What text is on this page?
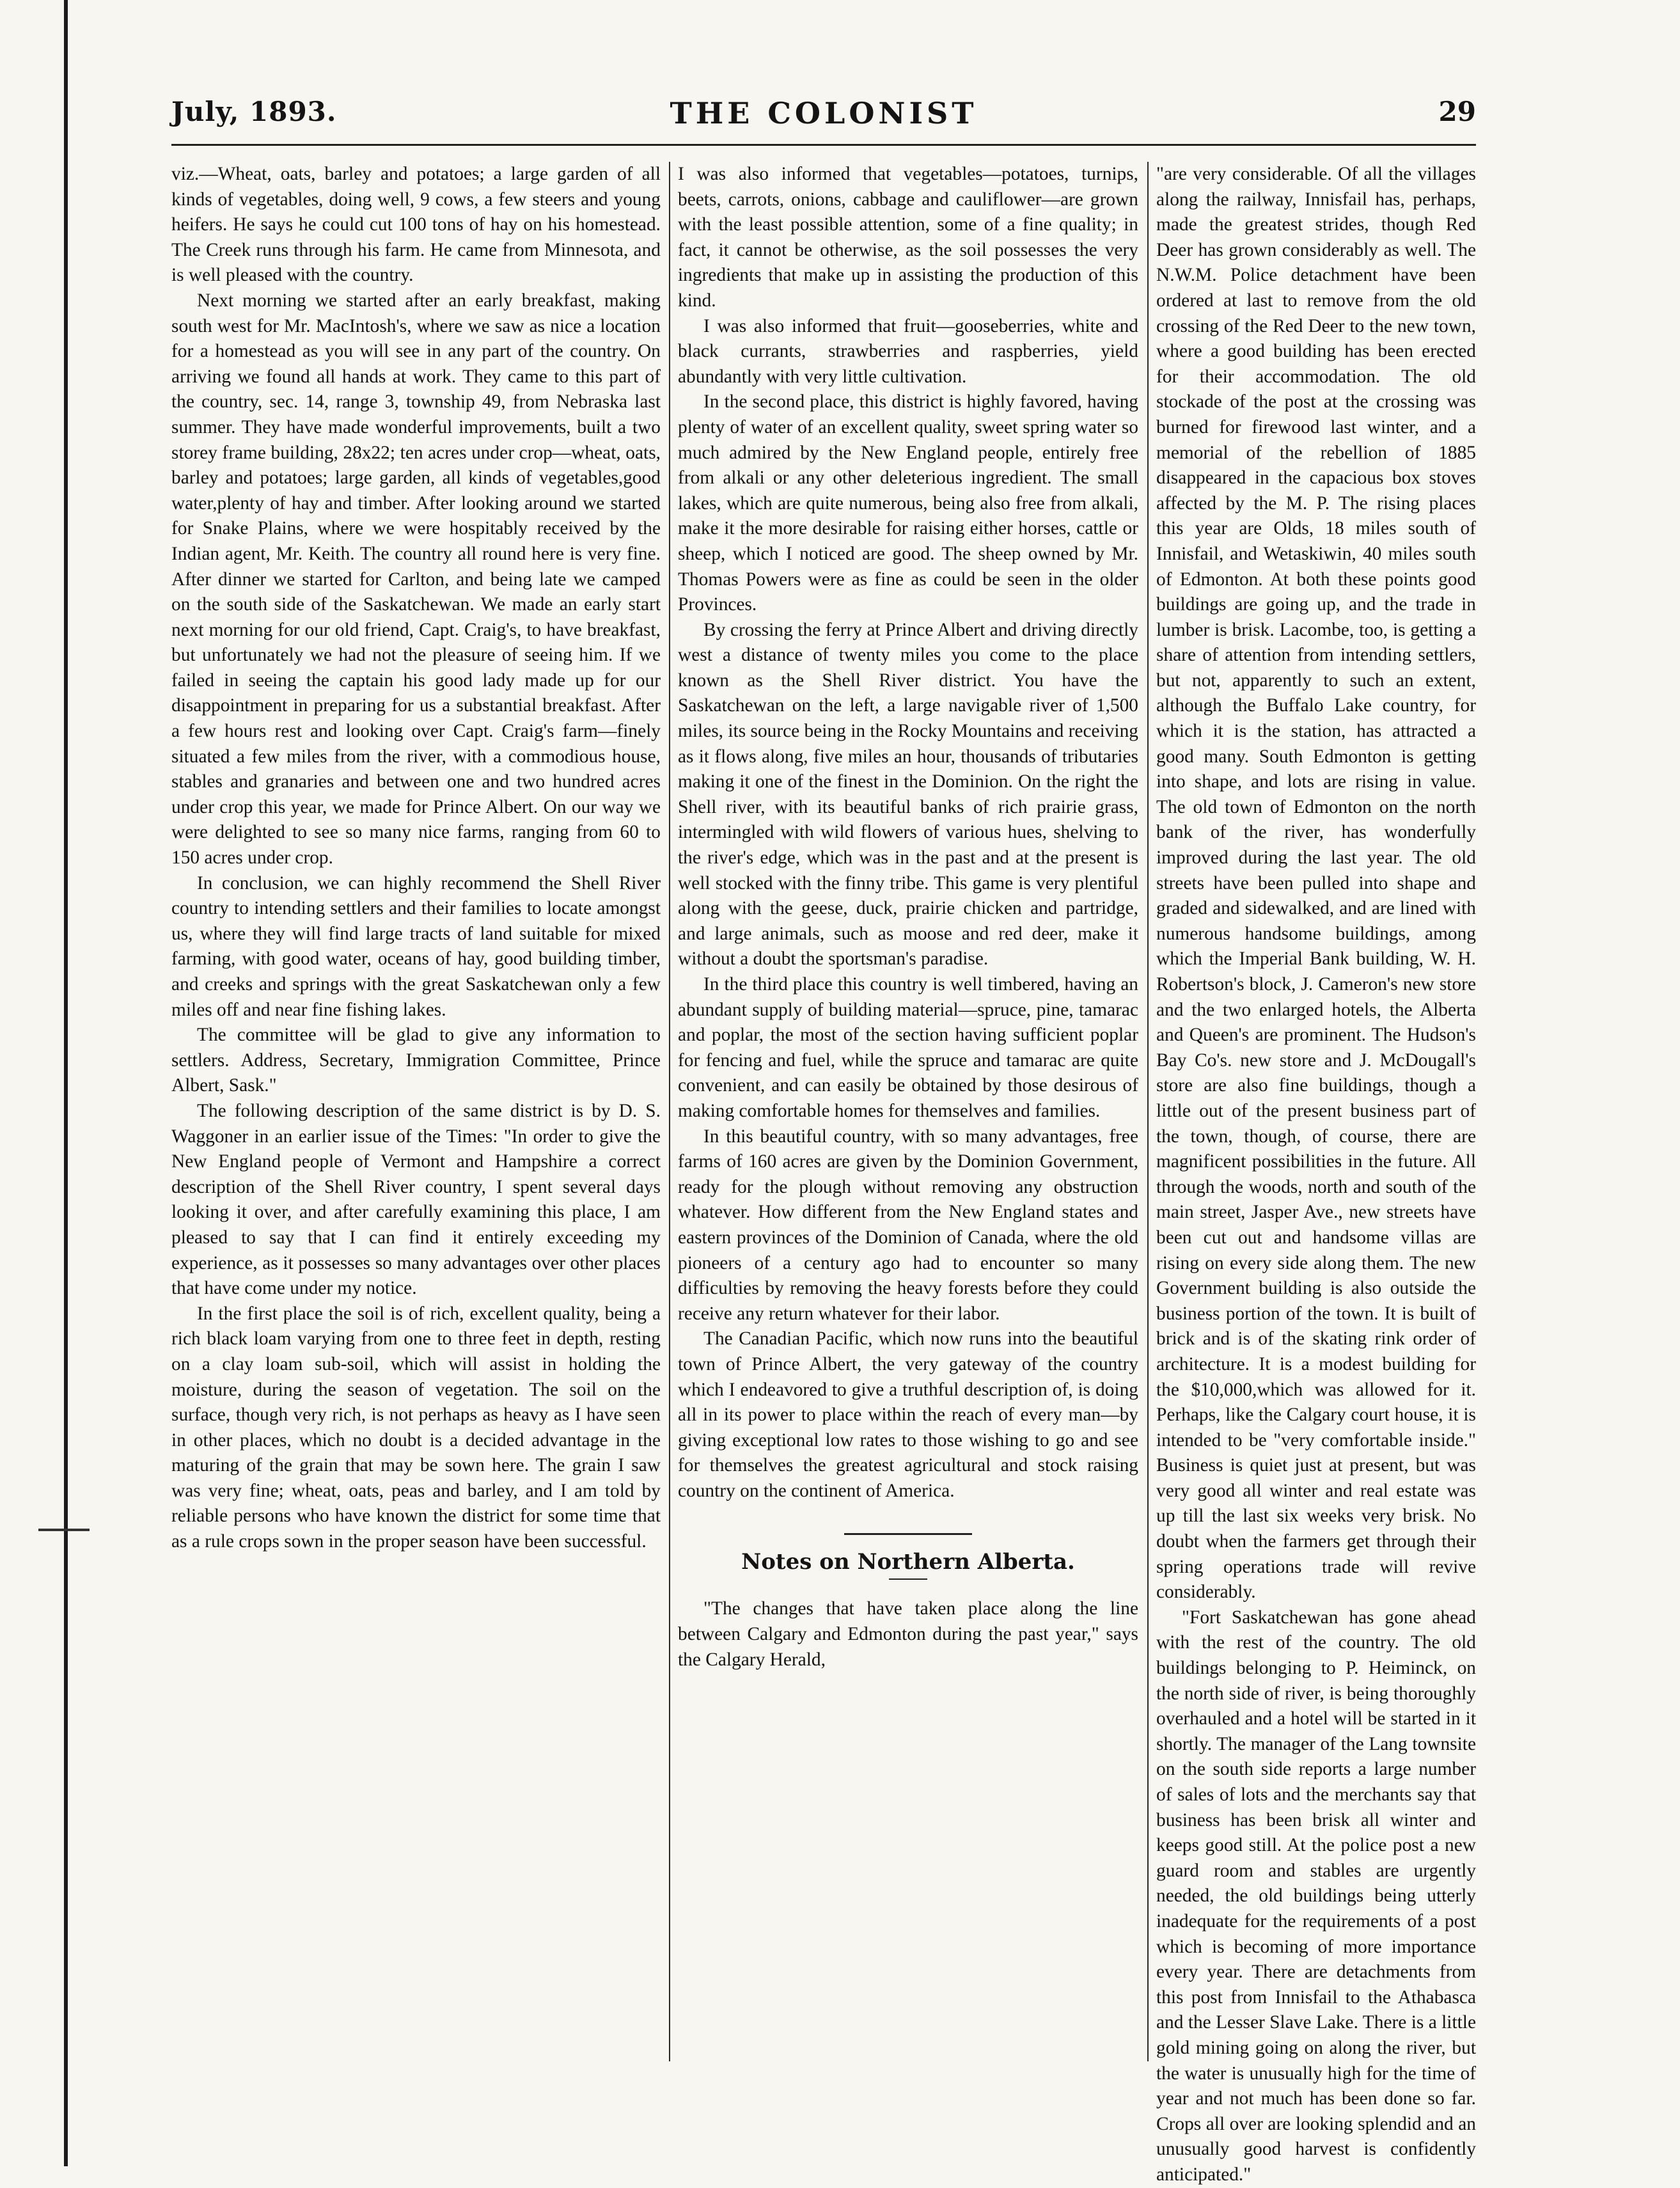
July, 1893.	THE COLONIST	29

viz.—Wheat, oats, barley and potatoes; a large garden of all kinds of vegetables, doing well, 9 cows, a few steers and young heifers. He says he could cut 100 tons of hay on his homestead. The Creek runs through his farm. He came from Minnesota, and is well pleased with the country.

Next morning we started after an early breakfast, making south west for Mr. MacIntosh's, where we saw as nice a location for a homestead as you will see in any part of the country. On arriving we found all hands at work. They came to this part of the country, sec. 14, range 3, township 49, from Nebraska last summer. They have made wonderful improvements, built a two storey frame building, 28x22; ten acres under crop—wheat, oats, barley and potatoes; large garden, all kinds of vegetables,good water,plenty of hay and timber. After looking around we started for Snake Plains, where we were hospitably received by the Indian agent, Mr. Keith. The country all round here is very fine. After dinner we started for Carlton, and being late we camped on the south side of the Saskatchewan. We made an early start next morning for our old friend, Capt. Craig's, to have breakfast, but unfortunately we had not the pleasure of seeing him. If we failed in seeing the captain his good lady made up for our disappointment in preparing for us a substantial breakfast. After a few hours rest and looking over Capt. Craig's farm—finely situated a few miles from the river, with a commodious house, stables and granaries and between one and two hundred acres under crop this year, we made for Prince Albert. On our way we were delighted to see so many nice farms, ranging from 60 to 150 acres under crop.

In conclusion, we can highly recommend the Shell River country to intending settlers and their families to locate amongst us, where they will find large tracts of land suitable for mixed farming, with good water, oceans of hay, good building timber, and creeks and springs with the great Saskatchewan only a few miles off and near fine fishing lakes.

The committee will be glad to give any information to settlers. Address, Secretary, Immigration Committee, Prince Albert, Sask."

The following description of the same district is by D. S. Waggoner in an earlier issue of the Times: "In order to give the New England people of Vermont and Hampshire a correct description of the Shell River country, I spent several days looking it over, and after carefully examining this place, I am pleased to say that I can find it entirely exceeding my experience, as it possesses so many advantages over other places that have come under my notice.

In the first place the soil is of rich, excellent quality, being a rich black loam varying from one to three feet in depth, resting on a clay loam sub-soil, which will assist in holding the moisture, during the season of vegetation. The soil on the surface, though very rich, is not perhaps as heavy as I have seen in other places, which no doubt is a decided advantage in the maturing of the grain that may be sown here. The grain I saw was very fine; wheat, oats, peas and barley, and I am told by reliable persons who have known the district for some time that as a rule crops sown in the proper season have been successful.

I was also informed that vegetables—potatoes, turnips, beets, carrots, onions, cabbage and cauliflower—are grown with the least possible attention, some of a fine quality; in fact, it cannot be otherwise, as the soil possesses the very ingredients that make up in assisting the production of this kind.

I was also informed that fruit—gooseberries, white and black currants, strawberries and raspberries, yield abundantly with very little cultivation.

In the second place, this district is highly favored, having plenty of water of an excellent quality, sweet spring water so much admired by the New England people, entirely free from alkali or any other deleterious ingredient. The small lakes, which are quite numerous, being also free from alkali, make it the more desirable for raising either horses, cattle or sheep, which I noticed are good. The sheep owned by Mr. Thomas Powers were as fine as could be seen in the older Provinces.

By crossing the ferry at Prince Albert and driving directly west a distance of twenty miles you come to the place known as the Shell River district. You have the Saskatchewan on the left, a large navigable river of 1,500 miles, its source being in the Rocky Mountains and receiving as it flows along, five miles an hour, thousands of tributaries making it one of the finest in the Dominion. On the right the Shell river, with its beautiful banks of rich prairie grass, intermingled with wild flowers of various hues, shelving to the river's edge, which was in the past and at the present is well stocked with the finny tribe. This game is very plentiful along with the geese, duck, prairie chicken and partridge, and large animals, such as moose and red deer, make it without a doubt the sportsman's paradise.

In the third place this country is well timbered, having an abundant supply of building material—spruce, pine, tamarac and poplar, the most of the section having sufficient poplar for fencing and fuel, while the spruce and tamarac are quite convenient, and can easily be obtained by those desirous of making comfortable homes for themselves and families.

In this beautiful country, with so many advantages, free farms of 160 acres are given by the Dominion Government, ready for the plough without removing any obstruction whatever. How different from the New England states and eastern provinces of the Dominion of Canada, where the old pioneers of a century ago had to encounter so many difficulties by removing the heavy forests before they could receive any return whatever for their labor.

The Canadian Pacific, which now runs into the beautiful town of Prince Albert, the very gateway of the country which I endeavored to give a truthful description of, is doing all in its power to place within the reach of every man—by giving exceptional low rates to those wishing to go and see for themselves the greatest agricultural and stock raising country on the continent of America.

Notes on Northern Alberta.

"The changes that have taken place along the line between Calgary and Edmonton during the past year," says the Calgary Herald,

"are very considerable. Of all the villages along the railway, Innisfail has, perhaps, made the greatest strides, though Red Deer has grown considerably as well. The N.W.M. Police detachment have been ordered at last to remove from the old crossing of the Red Deer to the new town, where a good building has been erected for their accommodation. The old stockade of the post at the crossing was burned for firewood last winter, and a memorial of the rebellion of 1885 disappeared in the capacious box stoves affected by the M. P. The rising places this year are Olds, 18 miles south of Innisfail, and Wetaskiwin, 40 miles south of Edmonton. At both these points good buildings are going up, and the trade in lumber is brisk. Lacombe, too, is getting a share of attention from intending settlers, but not, apparently to such an extent, although the Buffalo Lake country, for which it is the station, has attracted a good many. South Edmonton is getting into shape, and lots are rising in value. The old town of Edmonton on the north bank of the river, has wonderfully improved during the last year. The old streets have been pulled into shape and graded and sidewalked, and are lined with numerous handsome buildings, among which the Imperial Bank building, W. H. Robertson's block, J. Cameron's new store and the two enlarged hotels, the Alberta and Queen's are prominent. The Hudson's Bay Co's. new store and J. McDougall's store are also fine buildings, though a little out of the present business part of the town, though, of course, there are magnificent possibilities in the future. All through the woods, north and south of the main street, Jasper Ave., new streets have been cut out and handsome villas are rising on every side along them. The new Government building is also outside the business portion of the town. It is built of brick and is of the skating rink order of architecture. It is a modest building for the $10,000,which was allowed for it. Perhaps, like the Calgary court house, it is intended to be "very comfortable inside." Business is quiet just at present, but was very good all winter and real estate was up till the last six weeks very brisk. No doubt when the farmers get through their spring operations trade will revive considerably.

"Fort Saskatchewan has gone ahead with the rest of the country. The old buildings belonging to P. Heiminck, on the north side of river, is being thoroughly overhauled and a hotel will be started in it shortly. The manager of the Lang townsite on the south side reports a large number of sales of lots and the merchants say that business has been brisk all winter and keeps good still. At the police post a new guard room and stables are urgently needed, the old buildings being utterly inadequate for the requirements of a post which is becoming of more importance every year. There are detachments from this post from Innisfail to the Athabasca and the Lesser Slave Lake. There is a little gold mining going on along the river, but the water is unusually high for the time of year and not much has been done so far. Crops all over are looking splendid and an unusually good harvest is confidently anticipated."
